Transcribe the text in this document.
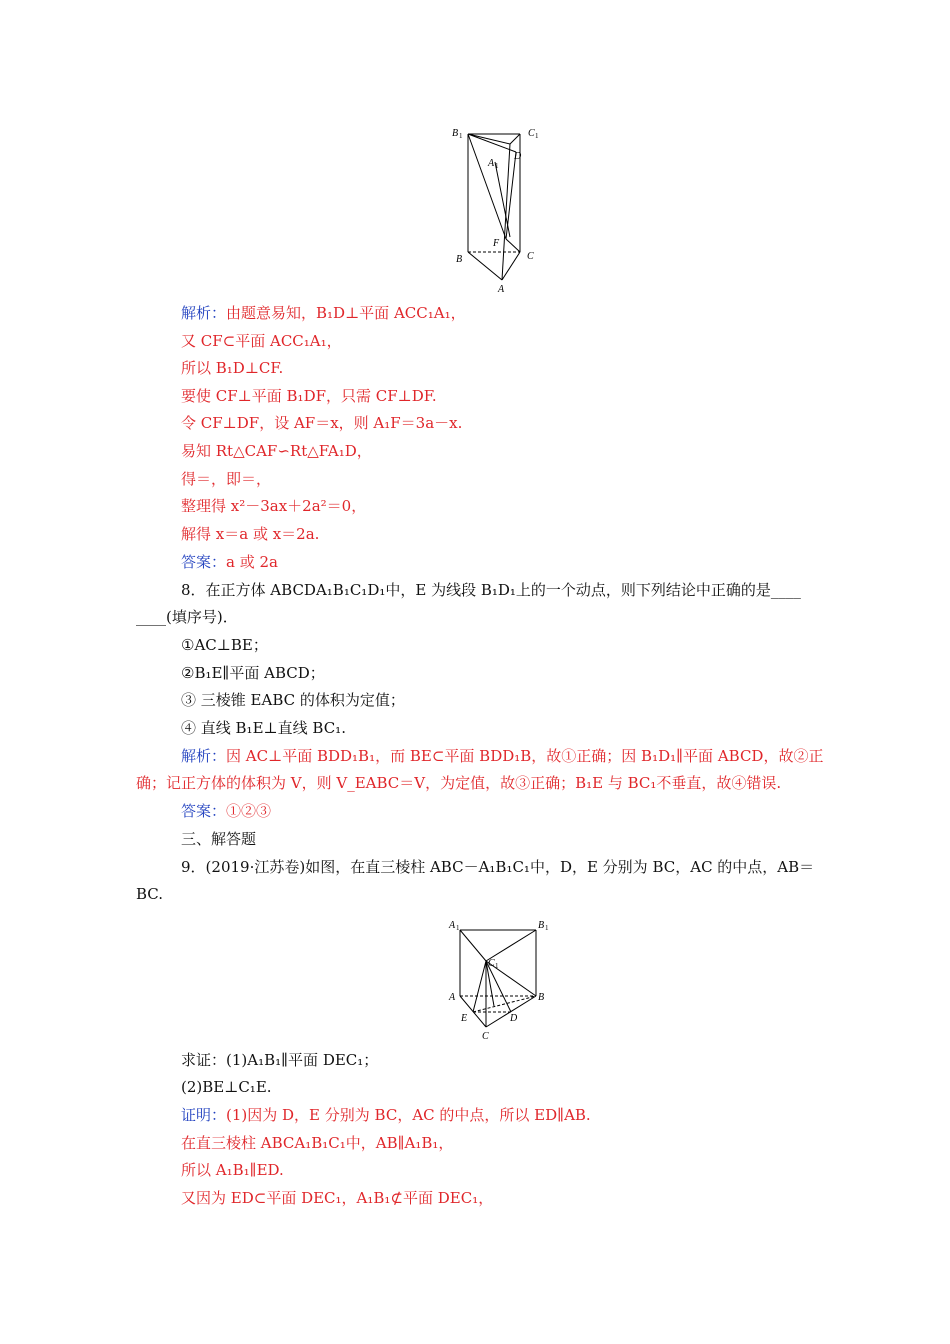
B 1	C 1
A 1
D
F
B	C
A
解析：由题意易知，B₁D⊥平面 ACC₁A₁，
又 CF⊂平面 ACC₁A₁，
所以 B₁D⊥CF.
要使 CF⊥平面 B₁DF，只需 CF⊥DF.
令 CF⊥DF，设 AF＝x，则 A₁F＝3a－x.
易知 Rt△CAF∽Rt△FA₁D，
得＝，即＝，
整理得 x²－3ax＋2a²＝0，
解得 x＝a 或 x＝2a.
答案：a 或 2a
8．在正方体 ABCDA₁B₁C₁D₁中，E 为线段 B₁D₁上的一个动点，则下列结论中正确的是____
____(填序号)．
①AC⊥BE；
②B₁E∥平面 ABCD；
③ 三棱锥 EABC 的体积为定值；
④ 直线 B₁E⊥直线 BC₁.
解析：因 AC⊥平面 BDD₁B₁，而 BE⊂平面 BDD₁B，故①正确；因 B₁D₁∥平面 ABCD，故②正
确；记正方体的体积为 V，则 V_EABC＝V，为定值，故③正确；B₁E 与 BC₁不垂直，故④错误.
答案：①②③
三、解答题
9．(2019·江苏卷)如图，在直三棱柱 ABC－A₁B₁C₁中，D，E 分别为 BC，AC 的中点，AB＝
BC.
A 1	B 1
C 1
A	B
E	D
C
求证：(1)A₁B₁∥平面 DEC₁；
(2)BE⊥C₁E.
证明：(1)因为 D，E 分别为 BC，AC 的中点，所以 ED∥AB.
在直三棱柱 ABCA₁B₁C₁中，AB∥A₁B₁，
所以 A₁B₁∥ED.
又因为 ED⊂平面 DEC₁，A₁B₁⊄平面 DEC₁，
